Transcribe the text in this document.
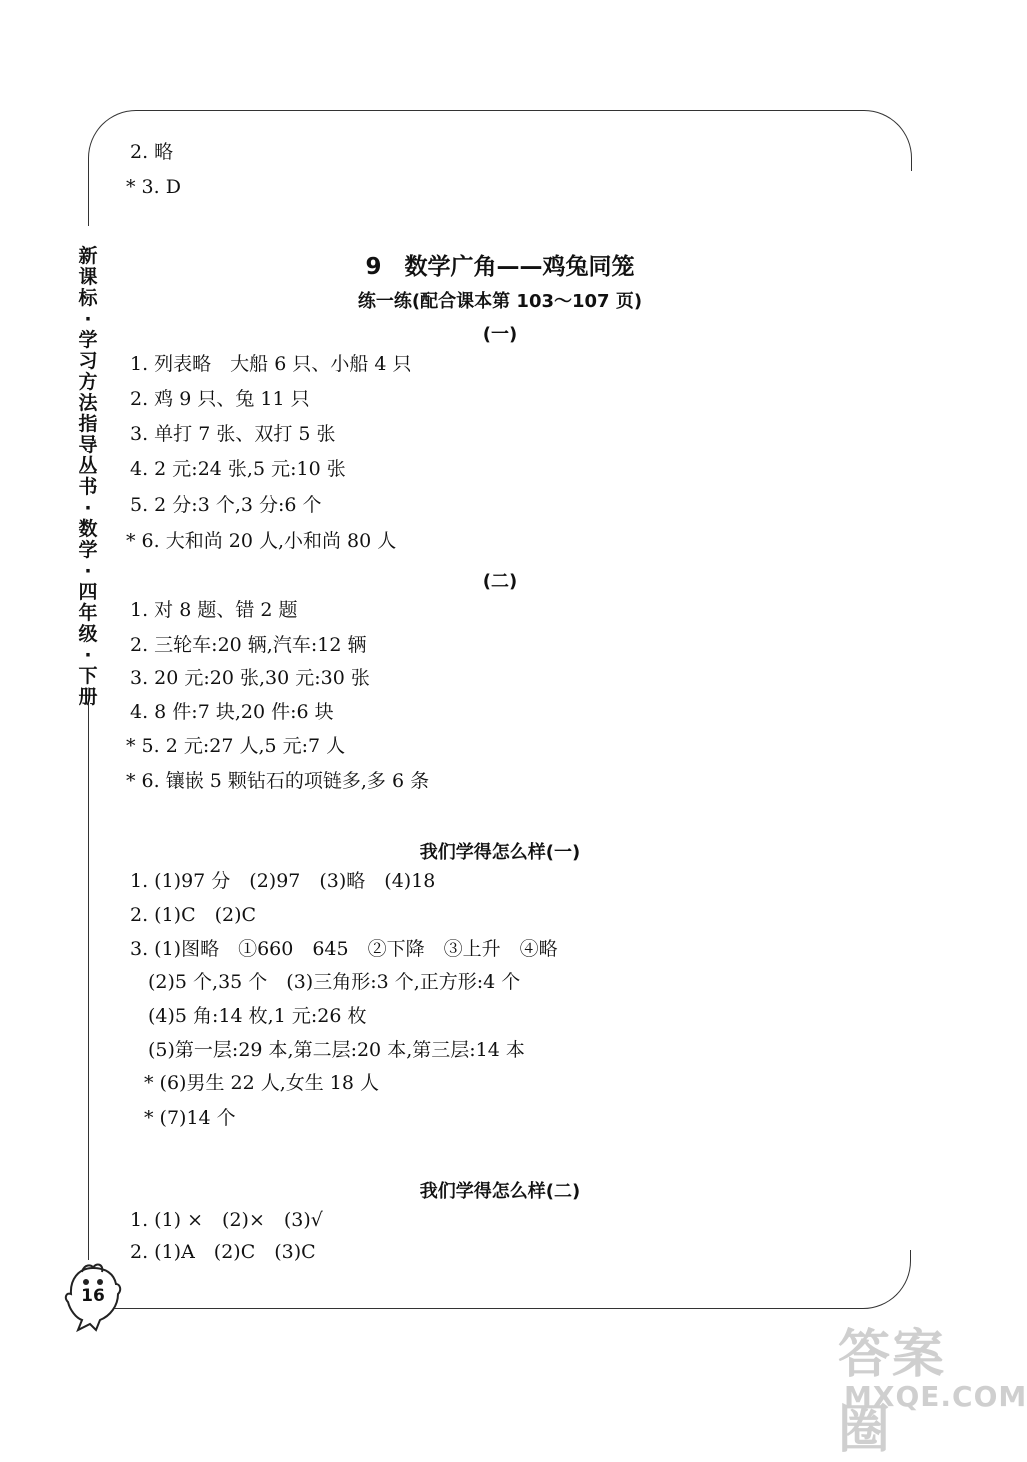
新课标·学习方法指导丛书·数学·四年级·下册
2. 略
* 3. D
9　数学广角——鸡兔同笼
练一练(配合课本第 103～107 页)
(一)
1. 列表略　大船 6 只、小船 4 只
2. 鸡 9 只、兔 11 只
3. 单打 7 张、双打 5 张
4. 2 元:24 张,5 元:10 张
5. 2 分:3 个,3 分:6 个
* 6. 大和尚 20 人,小和尚 80 人
(二)
1. 对 8 题、错 2 题
2. 三轮车:20 辆,汽车:12 辆
3. 20 元:20 张,30 元:30 张
4. 8 件:7 块,20 件:6 块
* 5. 2 元:27 人,5 元:7 人
* 6. 镶嵌 5 颗钻石的项链多,多 6 条
我们学得怎么样(一)
1. (1)97 分　(2)97　(3)略　(4)18
2. (1)C　(2)C
3. (1)图略　①660　645　②下降　③上升　④略
(2)5 个,35 个　(3)三角形:3 个,正方形:4 个
(4)5 角:14 枚,1 元:26 枚
(5)第一层:29 本,第二层:20 本,第三层:14 本
* (6)男生 22 人,女生 18 人
* (7)14 个
我们学得怎么样(二)
1. (1) ×　(2)×　(3)√
2. (1)A　(2)C　(3)C
16
答案圈
MXQE.COM
